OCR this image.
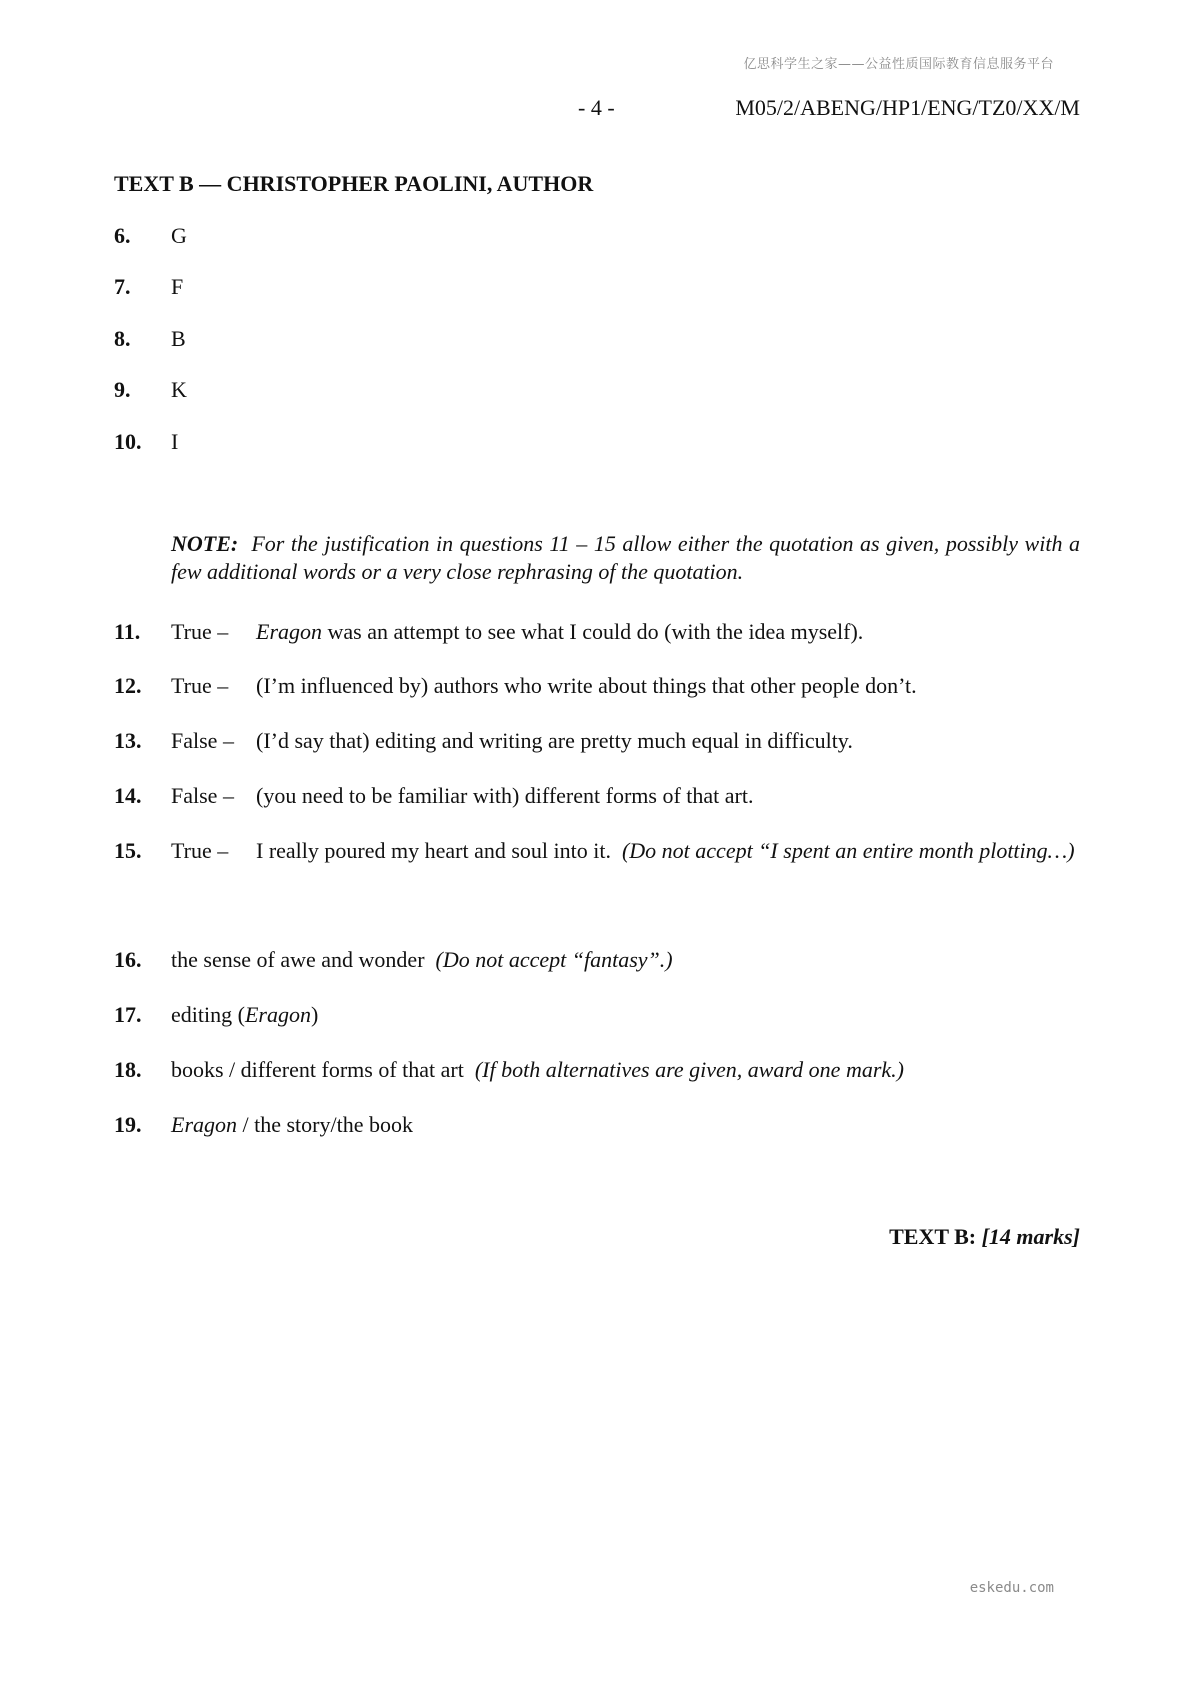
亿思科学生之家——公益性质国际教育信息服务平台
- 4 -	M05/2/ABENG/HP1/ENG/TZ0/XX/M
TEXT B — CHRISTOPHER PAOLINI, AUTHOR
6. G
7. F
8. B
9. K
10. I
NOTE: For the justification in questions 11 – 15 allow either the quotation as given, possibly with a few additional words or a very close rephrasing of the quotation.
11. True – Eragon was an attempt to see what I could do (with the idea myself).
12. True – (I’m influenced by) authors who write about things that other people don’t.
13. False – (I’d say that) editing and writing are pretty much equal in difficulty.
14. False – (you need to be familiar with) different forms of that art.
15. True – I really poured my heart and soul into it. (Do not accept “I spent an entire month plotting…)
16. the sense of awe and wonder (Do not accept “fantasy”.)
17. editing (Eragon)
18. books / different forms of that art (If both alternatives are given, award one mark.)
19. Eragon / the story/the book
TEXT B: [14 marks]
eskedu.com
